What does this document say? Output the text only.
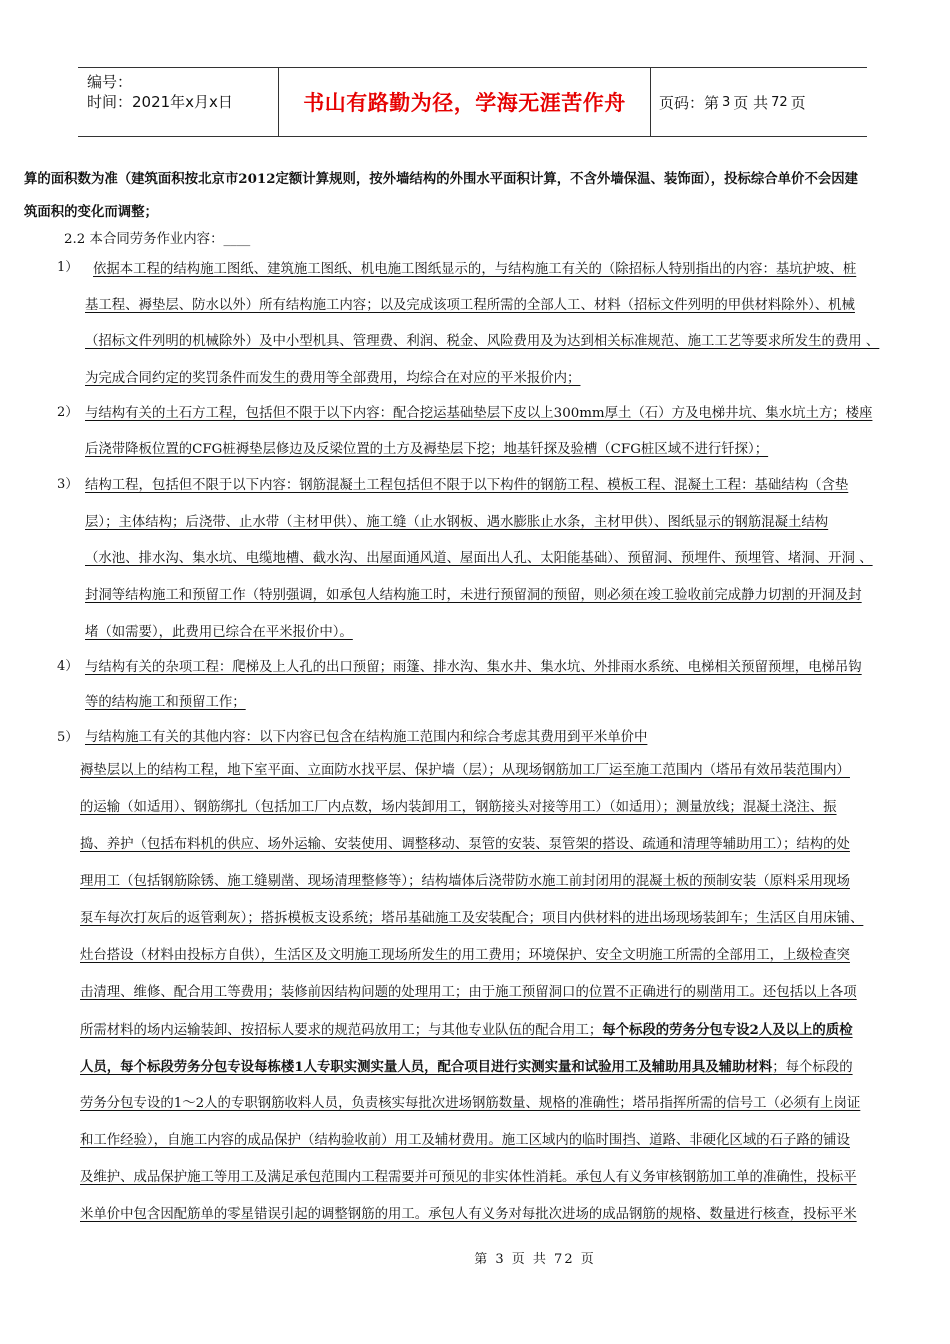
编号：
时间：2021年x月x日	书山有路勤为径，学海无涯苦作舟	页码：第 3 页 共 72 页
算的面积数为准（建筑面积按北京市2012定额计算规则，按外墙结构的外围水平面积计算，不含外墙保温、装饰面），投标综合单价不会因建
筑面积的变化而调整；
2.2 本合同劳务作业内容：____
1） 依据本工程的结构施工图纸、建筑施工图纸、机电施工图纸显示的，与结构施工有关的（除招标人特别指出的内容：基坑护坡、桩
基工程、褥垫层、防水以外）所有结构施工内容；以及完成该项工程所需的全部人工、材料（招标文件列明的甲供材料除外）、机械
（招标文件列明的机械除外）及中小型机具、管理费、利润、税金、风险费用及为达到相关标准规范、施工工艺等要求所发生的费用 、
为完成合同约定的奖罚条件而发生的费用等全部费用，均综合在对应的平米报价内；
2） 与结构有关的土石方工程，包括但不限于以下内容：配合挖运基础垫层下皮以上300mm厚土（石）方及电梯井坑、集水坑土方；楼座
后浇带降板位置的CFG桩褥垫层修边及反梁位置的土方及褥垫层下挖；地基钎探及验槽（CFG桩区域不进行钎探）；
3） 结构工程，包括但不限于以下内容：钢筋混凝土工程包括但不限于以下构件的钢筋工程、模板工程、混凝土工程：基础结构（含垫
层）；主体结构；后浇带、止水带（主材甲供）、施工缝（止水钢板、遇水膨胀止水条，主材甲供）、图纸显示的钢筋混凝土结构
（水池、排水沟、集水坑、电缆地槽、截水沟、出屋面通风道、屋面出人孔、太阳能基础）、预留洞、预埋件、预埋管、堵洞、开洞 、
封洞等结构施工和预留工作（特别强调，如承包人结构施工时，未进行预留洞的预留，则必须在竣工验收前完成静力切割的开洞及封
堵（如需要），此费用已综合在平米报价中）。
4） 与结构有关的杂项工程：爬梯及上人孔的出口预留；雨篷、排水沟、集水井、集水坑、外排雨水系统、电梯相关预留预埋，电梯吊钩
等的结构施工和预留工作；
5） 与结构施工有关的其他内容：以下内容已包含在结构施工范围内和综合考虑其费用到平米单价中
褥垫层以上的结构工程，地下室平面、立面防水找平层、保护墙（层）；从现场钢筋加工厂运至施工范围内（塔吊有效吊装范围内）
的运输（如适用）、钢筋绑扎（包括加工厂内点数，场内装卸用工，钢筋接头对接等用工）（如适用）；测量放线；混凝土浇注、振
捣、养护（包括布料机的供应、场外运输、安装使用、调整移动、泵管的安装、泵管架的搭设、疏通和清理等辅助用工）；结构的处
理用工（包括钢筋除锈、施工缝剔凿、现场清理整修等）；结构墙体后浇带防水施工前封闭用的混凝土板的预制安装（原料采用现场
泵车每次打灰后的返管剩灰）；搭拆模板支设系统；塔吊基础施工及安装配合；项目内供材料的进出场现场装卸车；生活区自用床铺、
灶台搭设（材料由投标方自供），生活区及文明施工现场所发生的用工费用；环境保护、安全文明施工所需的全部用工，上级检查突
击清理、维修、配合用工等费用；装修前因结构问题的处理用工；由于施工预留洞口的位置不正确进行的剔凿用工。还包括以上各项
所需材料的场内运输装卸、按招标人要求的规范码放用工；与其他专业队伍的配合用工；每个标段的劳务分包专设2人及以上的质检
人员，每个标段劳务分包专设每栋楼1人专职实测实量人员，配合项目进行实测实量和试验用工及辅助用具及辅助材料；每个标段的
劳务分包专设的1～2人的专职钢筋收料人员，负责核实每批次进场钢筋数量、规格的准确性；塔吊指挥所需的信号工（必须有上岗证
和工作经验），自施工内容的成品保护（结构验收前）用工及辅材费用。施工区域内的临时围挡、道路、非硬化区域的石子路的铺设
及维护、成品保护施工等用工及满足承包范围内工程需要并可预见的非实体性消耗。承包人有义务审核钢筋加工单的准确性，投标平
米单价中包含因配筋单的零星错误引起的调整钢筋的用工。承包人有义务对每批次进场的成品钢筋的规格、数量进行核查，投标平米
第 3 页 共 72 页
